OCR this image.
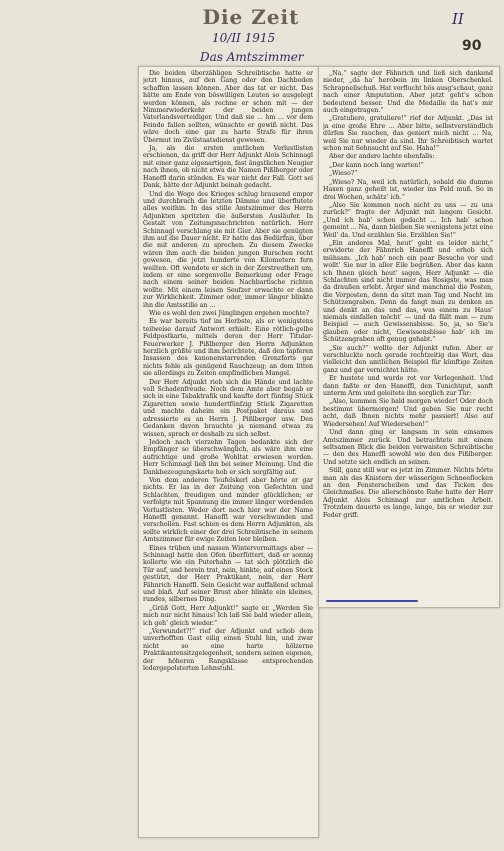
Die Zeit	II
10/II 1915	90
Das Amtszimmer

Die beiden überzähligen Schreibtische hatte er jetzt hinaus, auf den Gang oder den Dachboden schaffen lassen können. Aber das tat er nicht. Das hätte am Ende von böswilligen Leuten so ausgelegt werden können, als rechne er schon mit — der Nimmerwiederkehr der beiden jungen Vaterlandsverteidiger. Und daß sie ... hm ... vor dem Feinde fallen sollten, wünschte er gewiß nicht. Das wäre doch eine gar zu harte Strafe für ihren Übermut im Zivilstaatsdienst gewesen.

Ja, als die ersten amtlichen Verlustlisten erschienen, da griff der Herr Adjunkt Alois Schinnagl mit einer ganz eigenartigen, fast ängstlichen Neugier nach ihnen, ob nicht etwa die Namen Pißlberger oder Haneffl darin stünden. Es war nicht der Fall. Gott sei Dank, hätte der Adjunkt beinah gedacht.

Und die Woge des Krieges schlug brausend empor und durchbrach die letzten Dämme und überflutete alles weithin. In das stille Amtszimmer des Herrn Adjunkten spritzten die äußersten Ausläufer. In Gestalt von Zeitungsnachrichten natürlich. Herr Schinnagl verschlang sie mit Gier. Aber sie genügten ihm auf die Dauer nicht. Er hatte das Bedürfnis, über die mit anderen zu sprechen. Zu diesem Zwecke wären ihm auch die beiden jungen Burschen recht gewesen, die jetzt hunderte von Kilometern fern weilten. Oft wendete er sich in der Zerstreutheit um, indem er eine sorgenvolle Bemerkung oder Frage nach einem seiner beiden Nachbartische richten wollte. Mit einem leisen Seufzer erwachte er dann zur Wirklichkeit. Zimmer oder, immer länger blinkte ihn die Amtsstille an ...

Wie es wohl den zwei Jünglingen ergehen mochte?

Es war bereits tief im Herbste, als er wenigstens teilweise darauf Antwort erhielt: Eine rötlich-gelbe Feldpostkarte, mittels deren der Herr Titular-Feuerwerker J. Pißlberger den Herrn Adjunkten herzlich grüßte und ihm berichtete, daß den tapferen Insassen des kanonenstarrenden Grenzforts gar nichts fehle als genügend Rauchzeug; an dem litten sie allerdings zu Zeiten empfindlichen Mangel.

Der Herr Adjunkt rieb sich die Hände und lachte voll Schadenfreude. Noch dem Amte aber begab er sich in eine Tabaktrafik und kaufte dort fünfzig Stück Zigaretten sowie hundertfünfzig Stück Zigaretten und machte daheim ein Postpaket daraus und adressierte es an Herrn J. Pißlberger usw. Den Gedanken davon brauchte ja niemand etwas zu wissen, sprach er deshalb zu sich selbst.

Jedoch nach vierzehn Tagen bedankte sich der Empfänger so überschwänglich, als wäre ihm eine aufrichtige und große Wohltat erwiesen worden. Herr Schinnagl ließ ihn bei seiner Meinung. Und die Dankbezeugungskarte hob er sich sorgfältig auf.

Von dem anderen Teufelskerl aber hörte er gar nichts. Er las in der Zeitung von Gefechten und Schlachten, freudigen und minder glücklichen; er verfolgte mit Spannung die immer länger werdenden Verlustlisten. Weder dort noch hier war der Name Haneffl genannt. Haneffl war verschwunden und verschollen. Fast schien es dem Herrn Adjunkten, als sollte wirklich einer der drei Schreibtische in seinem Amtszimmer für ewige Zeiten leer bleiben.

Eines trüben und nassen Wintervormittags aber — Schinnagl hatte den Ofen überfüttert, daß er sonnig kollerte wie ein Puterhahn — tat sich plötzlich die Tür auf, und herein trat, nein, hinkte, auf einen Stock gestützt, der Herr Praktikant, nein, der Herr Fähnrich Haneffl. Sein Gesicht war auffallend schmal und blaß. Auf seiner Brust aber blinkte ein kleines, rundes, silbernes Ding.

„Grüß Gott, Herr Adjunkt!“ sagte er. „Werden Sie mich nur nicht hinaus! Ich laß Sie bald wieder allein, ich geh’ gleich wieder.“

„Verwundet?!“ rief der Adjunkt und schob dem unverhofften Gast eilig einen Stuhl hin, und zwar nicht so eine harte hölzerne Praktikantensitzgelegenheit, sondern seinen eigenen, der höheren Rangsklasse entsprechenden ledergepolsterten Lehnstuhl.

„Na,“ sagte der Fähnrich und ließ sich dankend nieder, „da ha’ herobein im linken Oberschenkel. Schrapnellschuß. Hat verflucht bös ausg’schaut, ganz nach einer Amputation. Aber jetzt geht’s schon bedeutend besser. Und die Medaille da hat’s mir auch eingetragen.“

„Gratuliere, gratuliere!“ rief der Adjunkt. „Das ist ja eine große Ehre ... Aber bitte, selbstverständlich dürfen Sie rauchen, das geniert mich nicht ... Na, weil Sie nur wieder da sind. Ihr Schreibtisch wartet schon mit Sehnsucht auf Sie. Haha!“

Aber der andere lachte ebenfalls:

„Der kann noch lang warten!“

„Wieso?“

„Wieso? Na, weil ich natürlich, sobald die dumme Haxen ganz geheilt ist, wieder ins Feld muß. So in drei Wochen, schätz’ ich.“

„Also Sie kommen noch nicht zu uns — zu uns zurück?“ fragte der Adjunkt mit langem Gesicht. „Und ich hab’ schon gedacht ... Ich hab’ schon gemeint ... Na, dann bleiben Sie wenigstens jetzt eine Weil’ da. Und erzählen Sie. Erzählen Sie!“

„Ein anderes Mal, heut’ geht es leider nicht,“ erwiderte der Fähnrich Haneffl und erhob sich mühsam. „Ich hab’ noch ein paar Besuche vor und wollt’ Sie nur in aller Eile begrüßen. Aber das kann ich Ihnen gleich heut’ sagen, Herr Adjunkt — die Schlachten sind nicht immer das Rosigste, was man da draußen erlebt. Ärger sind manchmal die Posten, die Vorposten, denn da sitzt man Tag und Nacht im Schützengraben. Denn da fangt man zu denken an und denkt an das und das, was einem zu Haus’ niemals einfallen möcht’ — und da fällt man — zum Beispiel — auch Gewissensbisse. So, ja, so Sie’s glauben oder nicht, Gewissensbisse hab’ ich im Schützengraben oft genug gehabt.“

„Sie auch?“ wollte der Adjunkt rufen. Aber er verschluckte noch gerade rechtzeitig das Wort, das vielleicht den amtlichen Beispiel für künftige Zeiten ganz und gar vernichtet hätte.

Er hustete und wurde rot vor Verlegenheit. Und dann faßte er den Haneffl, den Tunichtgut, sanft unterm Arm und geleitete ihn sorglich zur Tür:

„Also, kommen Sie bald morgen wieder! Oder doch bestimmt übermorgen! Und geben Sie nur recht acht, daß Ihnen nichts mehr passiert! Also auf Wiedersehen! Auf Wiedersehen!“

Und dann ging er langsam in sein einsames Amtszimmer zurück. Und betrachtete mit einem seltsamen Blick die beiden verwaisten Schreibtische — den des Haneffl sowohl wie den des Pißlberger. Und setzte sich endlich an seinen.

Still, ganz still war es jetzt im Zimmer. Nichts hörte man als das Knistern der wässerigen Schneeflocken an den Fensterscheiben und das Ticken des Gleichmaßes. Die allerschönste Ruhe hatte der Herr Adjunkt Alois Schinnagl zur amtlichen Arbeit. Trotzdem dauerte es lange, lange, bis er wieder zur Feder griff.
